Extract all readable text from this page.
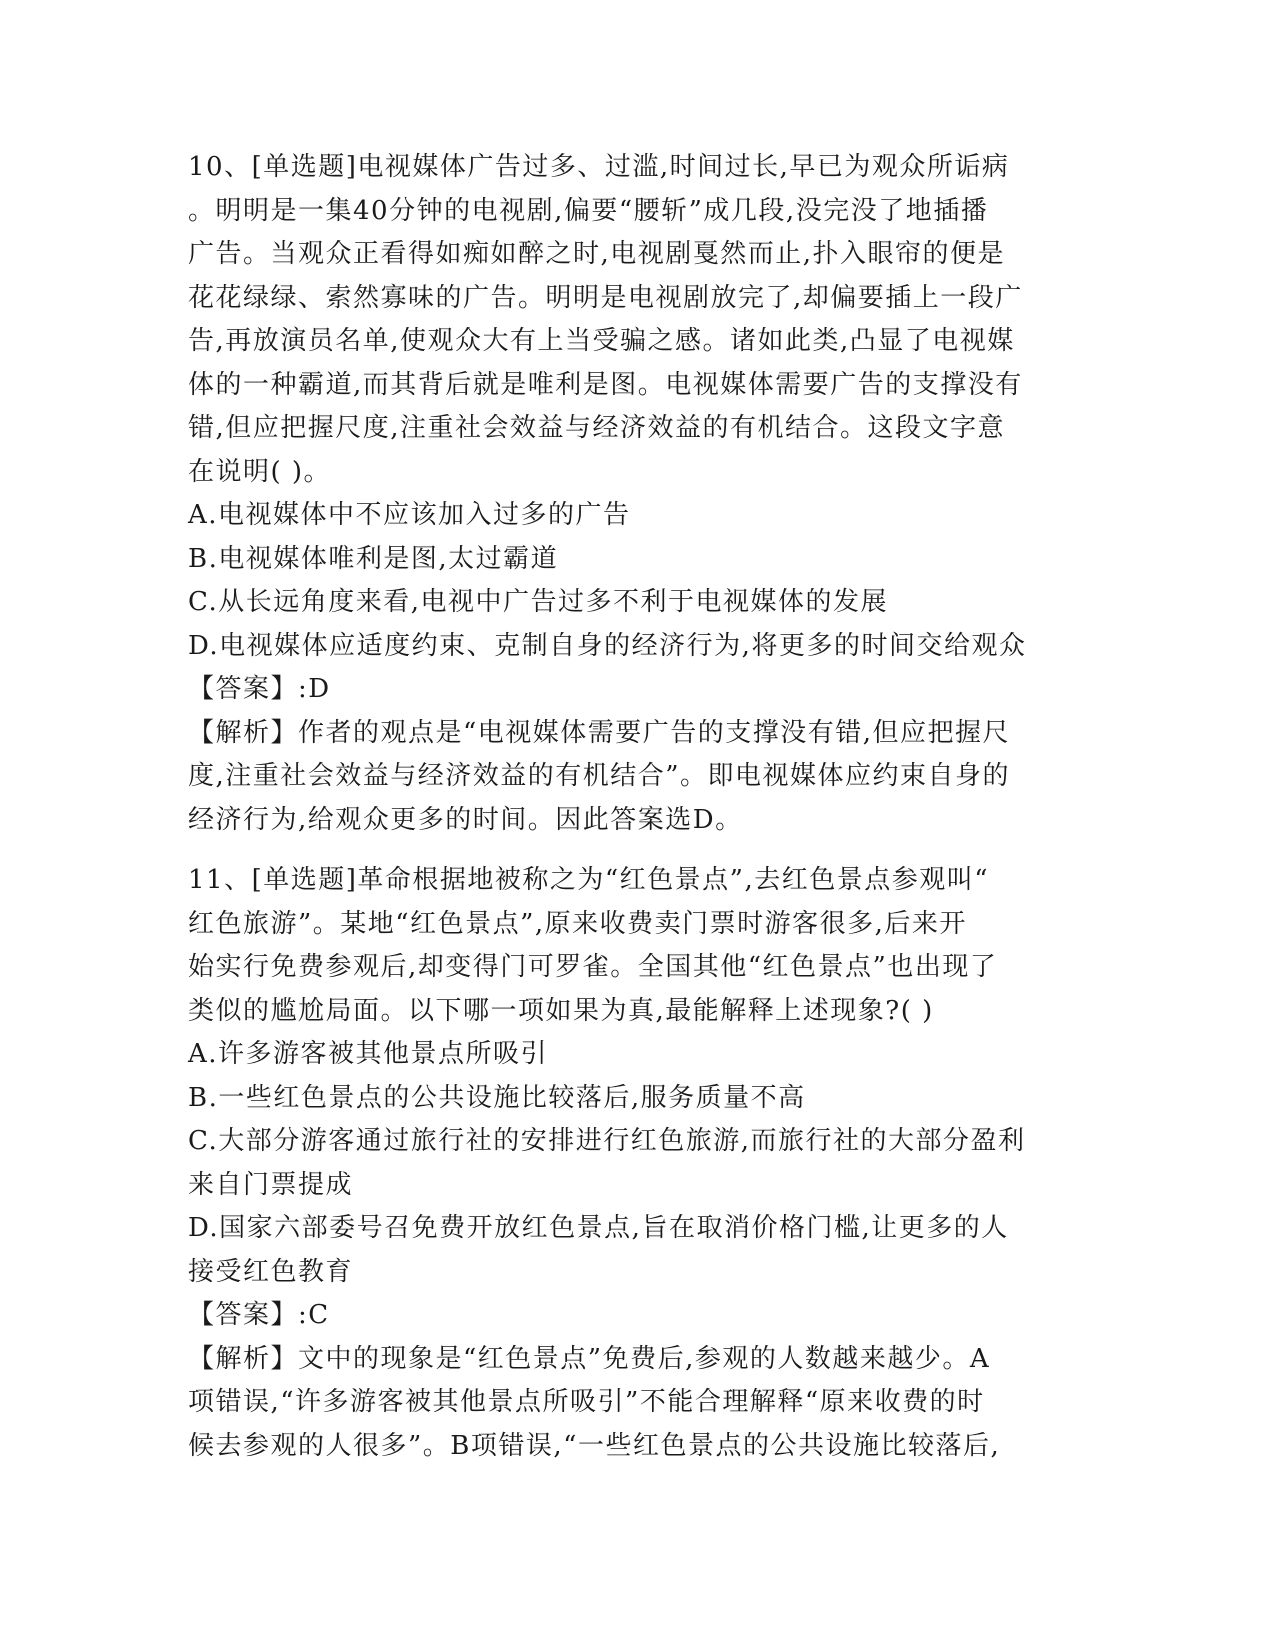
10、[单选题]电视媒体广告过多、过滥,时间过长,早已为观众所诟病
。明明是一集40分钟的电视剧,偏要“腰斩”成几段,没完没了地插播
广告。当观众正看得如痴如醉之时,电视剧戛然而止,扑入眼帘的便是
花花绿绿、索然寡味的广告。明明是电视剧放完了,却偏要插上一段广
告,再放演员名单,使观众大有上当受骗之感。诸如此类,凸显了电视媒
体的一种霸道,而其背后就是唯利是图。电视媒体需要广告的支撑没有
错,但应把握尺度,注重社会效益与经济效益的有机结合。这段文字意
在说明( )。

A.电视媒体中不应该加入过多的广告

B.电视媒体唯利是图,太过霸道

C.从长远角度来看,电视中广告过多不利于电视媒体的发展

D.电视媒体应适度约束、克制自身的经济行为,将更多的时间交给观众

【答案】:D

【解析】作者的观点是“电视媒体需要广告的支撑没有错,但应把握尺
度,注重社会效益与经济效益的有机结合”。即电视媒体应约束自身的
经济行为,给观众更多的时间。因此答案选D。

11、[单选题]革命根据地被称之为“红色景点”,去红色景点参观叫“
红色旅游”。某地“红色景点”,原来收费卖门票时游客很多,后来开
始实行免费参观后,却变得门可罗雀。全国其他“红色景点”也出现了
类似的尴尬局面。以下哪一项如果为真,最能解释上述现象?( )

A.许多游客被其他景点所吸引

B.一些红色景点的公共设施比较落后,服务质量不高

C.大部分游客通过旅行社的安排进行红色旅游,而旅行社的大部分盈利
来自门票提成

D.国家六部委号召免费开放红色景点,旨在取消价格门槛,让更多的人
接受红色教育

【答案】:C

【解析】文中的现象是“红色景点”免费后,参观的人数越来越少。A
项错误,“许多游客被其他景点所吸引”不能合理解释“原来收费的时
候去参观的人很多”。B项错误,“一些红色景点的公共设施比较落后,
